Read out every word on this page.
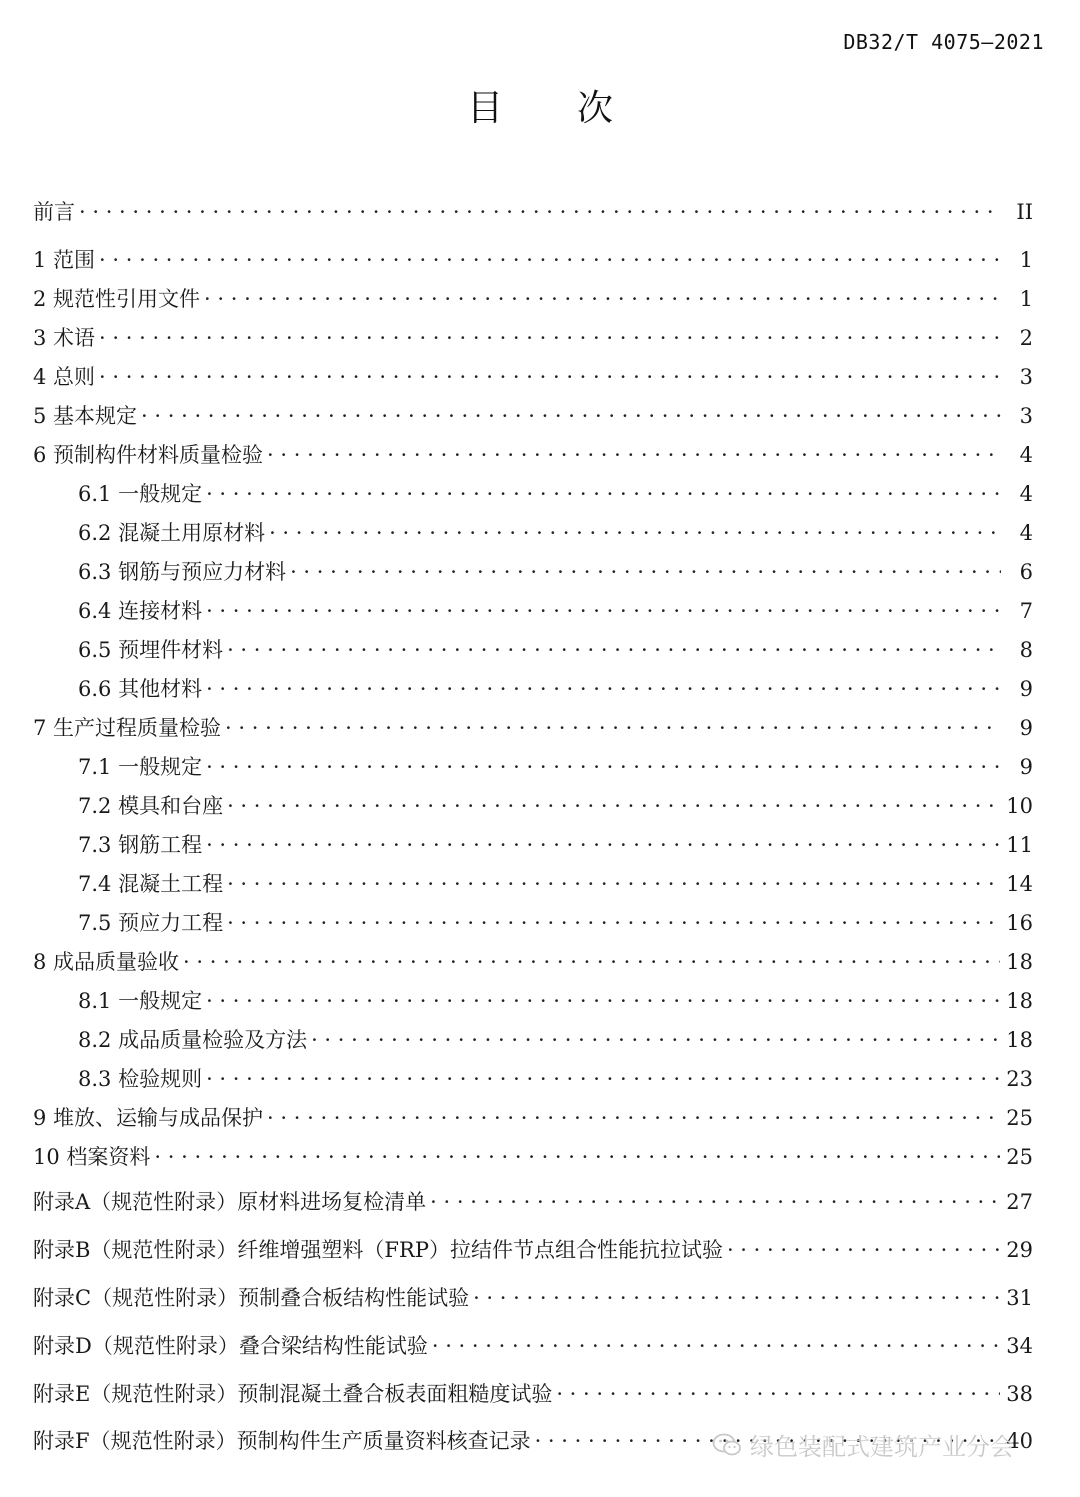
DB32/T 4075—2021
目次
前言 · · ·	II
1 范围 · · ·	1
2 规范性引用文件 · · ·	1
3 术语 · · ·	2
4 总则 · · ·	3
5 基本规定 · · ·	3
6 预制构件材料质量检验 · · ·	4
6.1 一般规定 · · ·	4
6.2 混凝土用原材料 · · ·	4
6.3 钢筋与预应力材料 · · ·	6
6.4 连接材料 · · ·	7
6.5 预埋件材料 · · ·	8
6.6 其他材料 · · ·	9
7 生产过程质量检验 · · ·	9
7.1 一般规定 · · ·	9
7.2 模具和台座 · · ·	10
7.3 钢筋工程 · · ·	11
7.4 混凝土工程 · · ·	14
7.5 预应力工程 · · ·	16
8 成品质量验收 · · ·	18
8.1 一般规定 · · ·	18
8.2 成品质量检验及方法 · · ·	18
8.3 检验规则 · · ·	23
9 堆放、运输与成品保护 · · ·	25
10 档案资料 · · ·	25
附录A（规范性附录）原材料进场复检清单 · · ·	27
附录B（规范性附录）纤维增强塑料（FRP）拉结件节点组合性能抗拉试验 · · ·	29
附录C（规范性附录）预制叠合板结构性能试验 · · ·	31
附录D（规范性附录）叠合梁结构性能试验 · · ·	34
附录E（规范性附录）预制混凝土叠合板表面粗糙度试验 · · ·	38
附录F（规范性附录）预制构件生产质量资料核查记录 · · ·	40
绿色装配式建筑产业分会
